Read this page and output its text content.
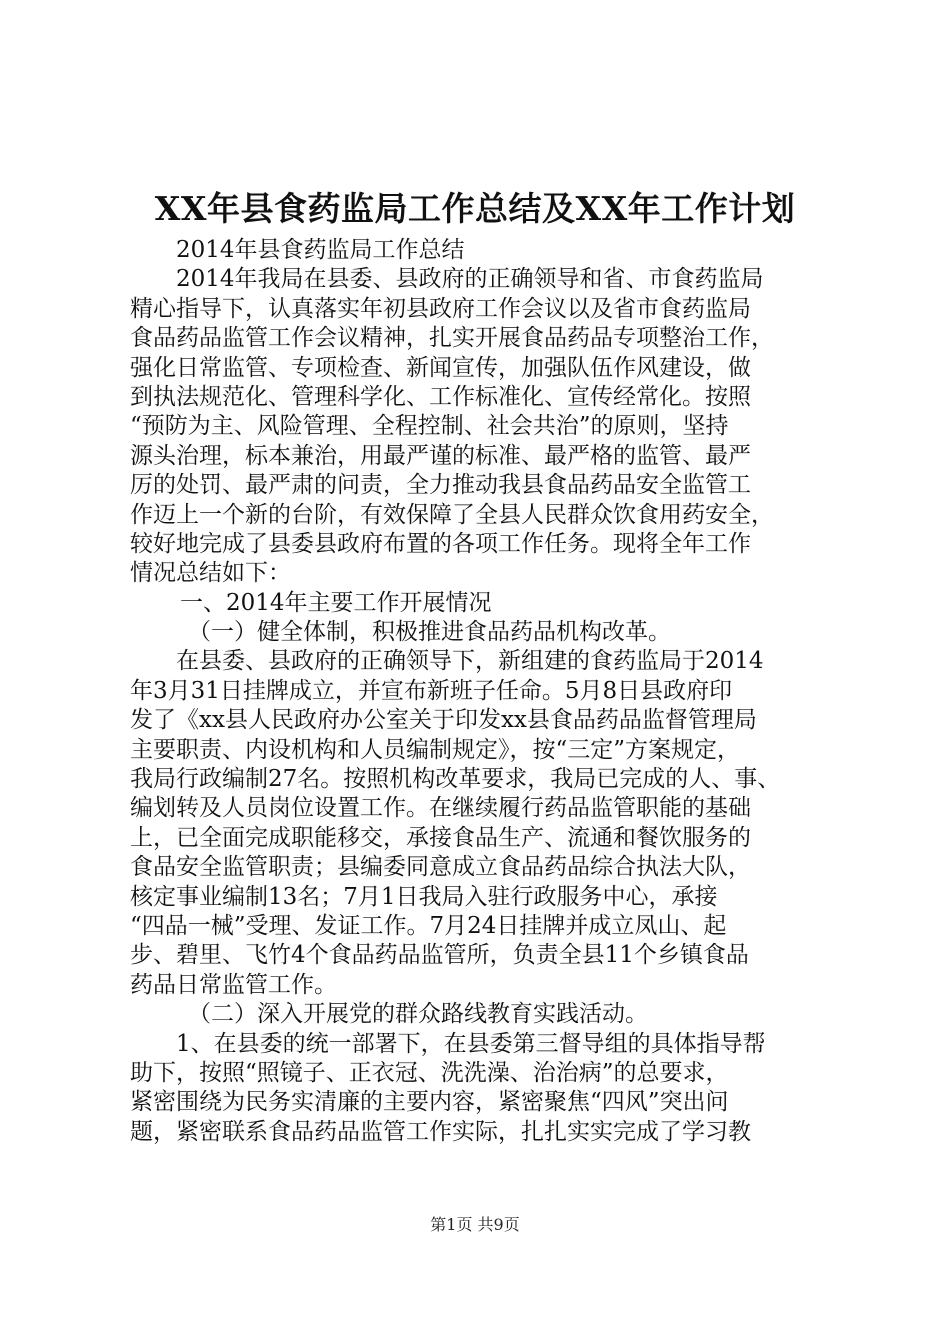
XX年县食药监局工作总结及XX年工作计划
2014年县食药监局工作总结
2014年我局在县委、县政府的正确领导和省、市食药监局
精心指导下，认真落实年初县政府工作会议以及省市食药监局
食品药品监管工作会议精神，扎实开展食品药品专项整治工作，
强化日常监管、专项检查、新闻宣传，加强队伍作风建设，做
到执法规范化、管理科学化、工作标准化、宣传经常化。按照
“预防为主、风险管理、全程控制、社会共治”的原则，坚持
源头治理，标本兼治，用最严谨的标准、最严格的监管、最严
厉的处罚、最严肃的问责，全力推动我县食品药品安全监管工
作迈上一个新的台阶，有效保障了全县人民群众饮食用药安全，
较好地完成了县委县政府布置的各项工作任务。现将全年工作
情况总结如下：
一、2014年主要工作开展情况
（一）健全体制，积极推进食品药品机构改革。
在县委、县政府的正确领导下，新组建的食药监局于2014
年3月31日挂牌成立，并宣布新班子任命。5月8日县政府印
发了《xx县人民政府办公室关于印发xx县食品药品监督管理局
主要职责、内设机构和人员编制规定》，按“三定”方案规定，
我局行政编制27名。按照机构改革要求，我局已完成的人、事、
编划转及人员岗位设置工作。在继续履行药品监管职能的基础
上，已全面完成职能移交，承接食品生产、流通和餐饮服务的
食品安全监管职责；县编委同意成立食品药品综合执法大队，
核定事业编制13名；7月1日我局入驻行政服务中心，承接
“四品一械”受理、发证工作。7月24日挂牌并成立凤山、起
步、碧里、飞竹4个食品药品监管所，负责全县11个乡镇食品
药品日常监管工作。
（二）深入开展党的群众路线教育实践活动。
1、在县委的统一部署下，在县委第三督导组的具体指导帮
助下，按照“照镜子、正衣冠、洗洗澡、治治病”的总要求，
紧密围绕为民务实清廉的主要内容，紧密聚焦“四风”突出问
题，紧密联系食品药品监管工作实际，扎扎实实完成了学习教
第1页 共9页
